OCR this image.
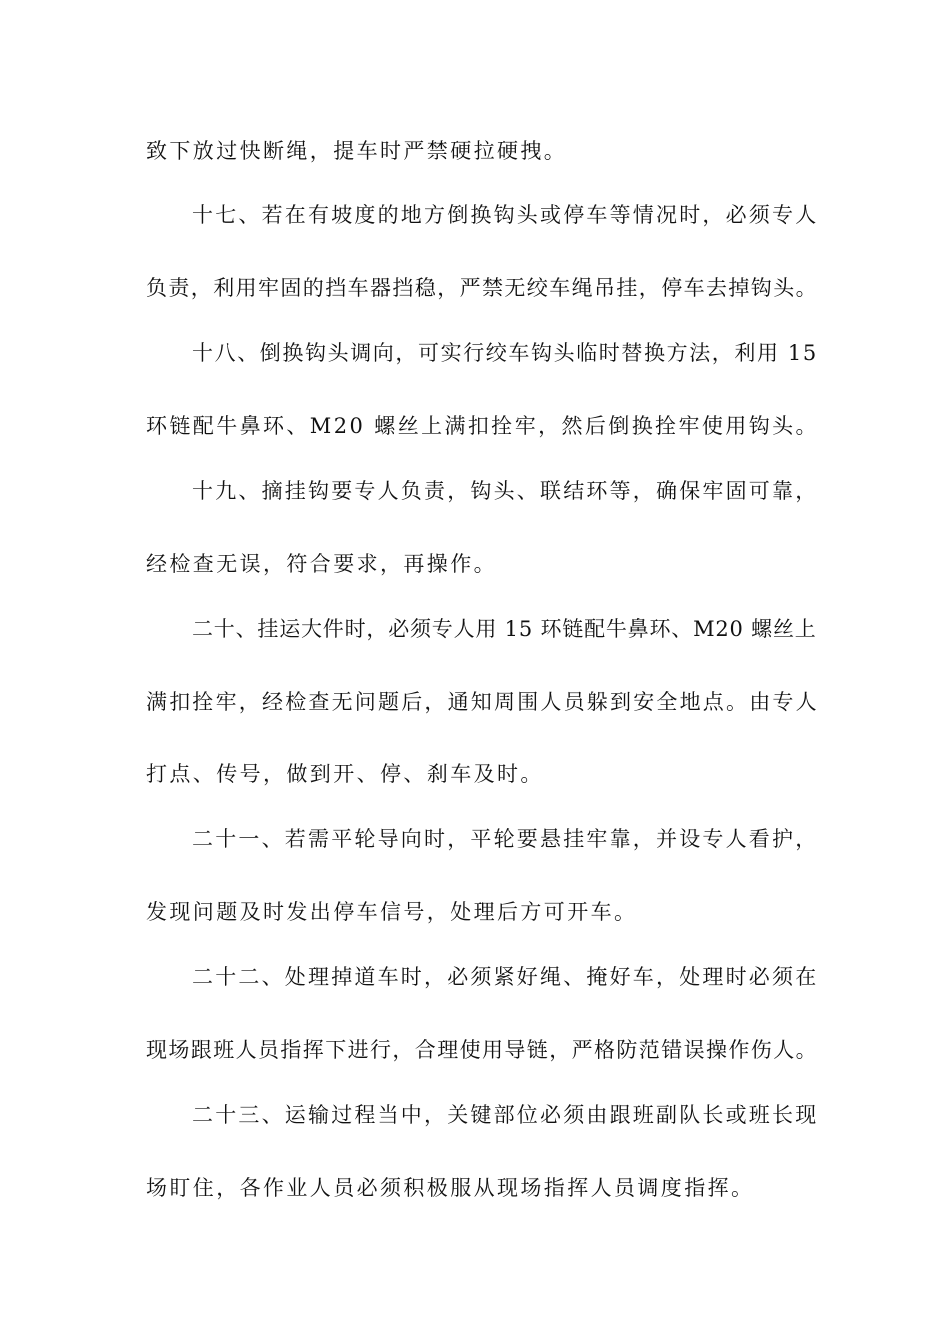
致下放过快断绳，提车时严禁硬拉硬拽。
十七、若在有坡度的地方倒换钩头或停车等情况时，必须专人
负责，利用牢固的挡车器挡稳，严禁无绞车绳吊挂，停车去掉钩头。
十八、倒换钩头调向，可实行绞车钩头临时替换方法，利用 15
环链配牛鼻环、M20 螺丝上满扣拴牢，然后倒换拴牢使用钩头。
十九、摘挂钩要专人负责，钩头、联结环等，确保牢固可靠，
经检查无误，符合要求，再操作。
二十、挂运大件时，必须专人用 15 环链配牛鼻环、M20 螺丝上
满扣拴牢，经检查无问题后，通知周围人员躲到安全地点。由专人
打点、传号，做到开、停、刹车及时。
二十一、若需平轮导向时，平轮要悬挂牢靠，并设专人看护，
发现问题及时发出停车信号，处理后方可开车。
二十二、处理掉道车时，必须紧好绳、掩好车，处理时必须在
现场跟班人员指挥下进行，合理使用导链，严格防范错误操作伤人。
二十三、运输过程当中，关键部位必须由跟班副队长或班长现
场盯住，各作业人员必须积极服从现场指挥人员调度指挥。
